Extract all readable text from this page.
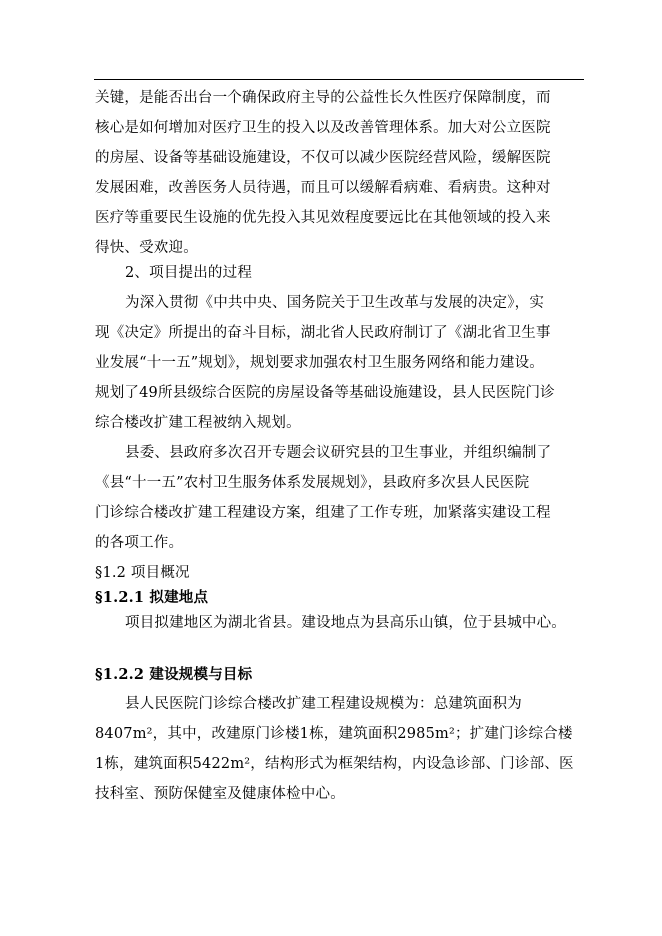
关键，是能否出台一个确保政府主导的公益性长久性医疗保障制度，而
核心是如何增加对医疗卫生的投入以及改善管理体系。加大对公立医院
的房屋、设备等基础设施建设，不仅可以减少医院经营风险，缓解医院
发展困难，改善医务人员待遇，而且可以缓解看病难、看病贵。这种对
医疗等重要民生设施的优先投入其见效程度要远比在其他领域的投入来
得快、受欢迎。
2、项目提出的过程
为深入贯彻《中共中央、国务院关于卫生改革与发展的决定》，实
现《决定》所提出的奋斗目标，湖北省人民政府制订了《湖北省卫生事
业发展“十一五”规划》，规划要求加强农村卫生服务网络和能力建设。
规划了49所县级综合医院的房屋设备等基础设施建设，县人民医院门诊
综合楼改扩建工程被纳入规划。
县委、县政府多次召开专题会议研究县的卫生事业，并组织编制了
《县“十一五”农村卫生服务体系发展规划》，县政府多次县人民医院
门诊综合楼改扩建工程建设方案，组建了工作专班，加紧落实建设工程
的各项工作。
§1.2 项目概况
§1.2.1 拟建地点
项目拟建地区为湖北省县。建设地点为县高乐山镇，位于县城中心。
§1.2.2 建设规模与目标
县人民医院门诊综合楼改扩建工程建设规模为：总建筑面积为
8407m²，其中，改建原门诊楼1栋，建筑面积2985m²；扩建门诊综合楼
1栋，建筑面积5422m²，结构形式为框架结构，内设急诊部、门诊部、医
技科室、预防保健室及健康体检中心。
